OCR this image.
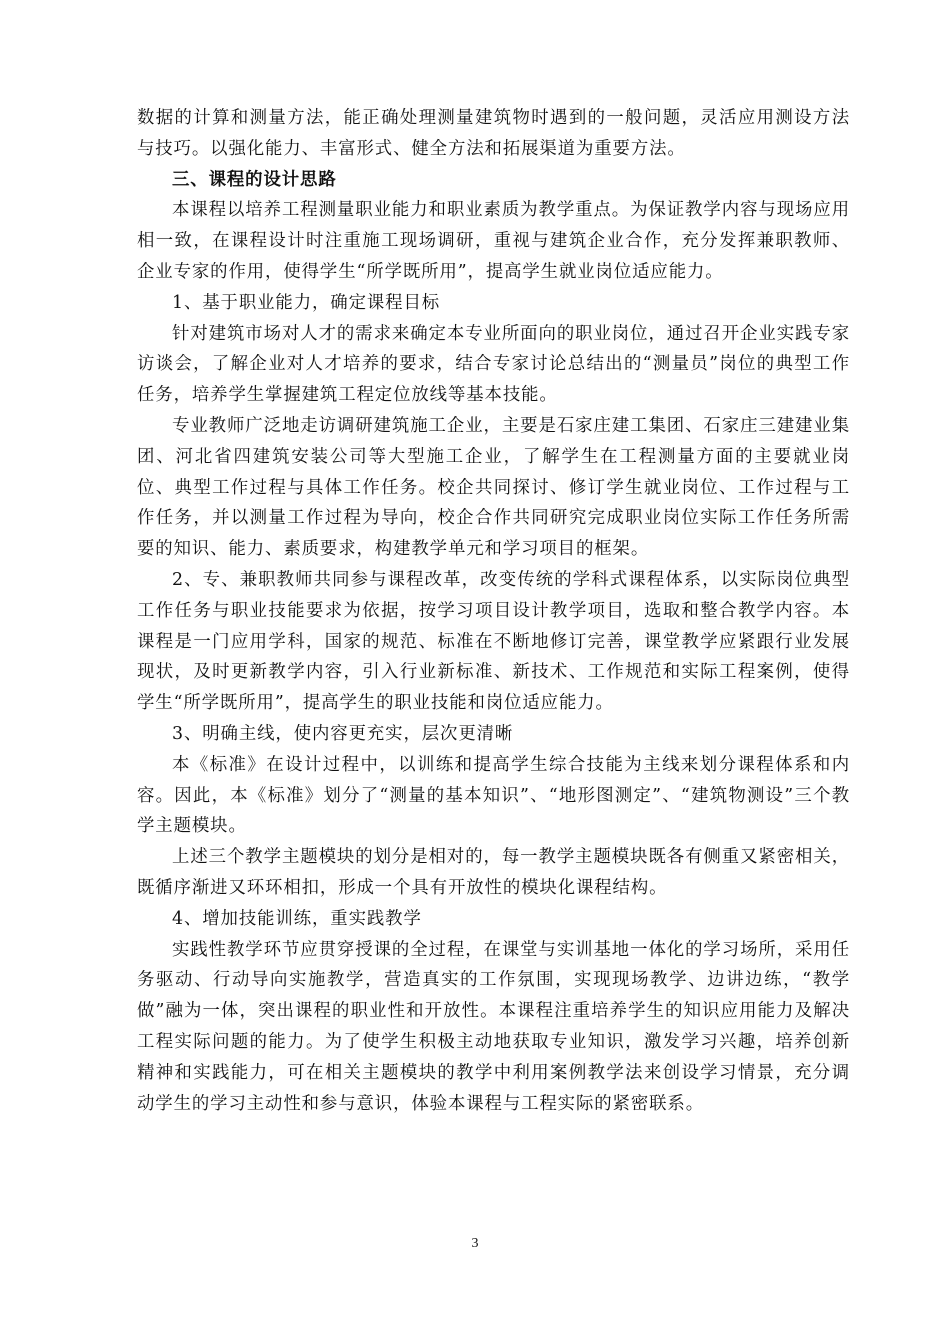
数据的计算和测量方法，能正确处理测量建筑物时遇到的一般问题，灵活应用测设方法与技巧。以强化能力、丰富形式、健全方法和拓展渠道为重要方法。

三、课程的设计思路

本课程以培养工程测量职业能力和职业素质为教学重点。为保证教学内容与现场应用相一致，在课程设计时注重施工现场调研，重视与建筑企业合作，充分发挥兼职教师、企业专家的作用，使得学生“所学既所用”，提高学生就业岗位适应能力。

1、基于职业能力，确定课程目标

针对建筑市场对人才的需求来确定本专业所面向的职业岗位，通过召开企业实践专家访谈会，了解企业对人才培养的要求，结合专家讨论总结出的“测量员”岗位的典型工作任务，培养学生掌握建筑工程定位放线等基本技能。

专业教师广泛地走访调研建筑施工企业，主要是石家庄建工集团、石家庄三建建业集团、河北省四建筑安装公司等大型施工企业，了解学生在工程测量方面的主要就业岗位、典型工作过程与具体工作任务。校企共同探讨、修订学生就业岗位、工作过程与工作任务，并以测量工作过程为导向，校企合作共同研究完成职业岗位实际工作任务所需要的知识、能力、素质要求，构建教学单元和学习项目的框架。

2、专、兼职教师共同参与课程改革，改变传统的学科式课程体系，以实际岗位典型工作任务与职业技能要求为依据，按学习项目设计教学项目，选取和整合教学内容。本课程是一门应用学科，国家的规范、标准在不断地修订完善，课堂教学应紧跟行业发展现状，及时更新教学内容，引入行业新标准、新技术、工作规范和实际工程案例，使得学生“所学既所用”，提高学生的职业技能和岗位适应能力。

3、明确主线，使内容更充实，层次更清晰

本《标准》在设计过程中，以训练和提高学生综合技能为主线来划分课程体系和内容。因此，本《标准》划分了“测量的基本知识”、“地形图测定”、“建筑物测设”三个教学主题模块。

上述三个教学主题模块的划分是相对的，每一教学主题模块既各有侧重又紧密相关，既循序渐进又环环相扣，形成一个具有开放性的模块化课程结构。

4、增加技能训练，重实践教学

实践性教学环节应贯穿授课的全过程，在课堂与实训基地一体化的学习场所，采用任务驱动、行动导向实施教学，营造真实的工作氛围，实现现场教学、边讲边练，“教学做”融为一体，突出课程的职业性和开放性。本课程注重培养学生的知识应用能力及解决工程实际问题的能力。为了使学生积极主动地获取专业知识，激发学习兴趣，培养创新精神和实践能力，可在相关主题模块的教学中利用案例教学法来创设学习情景，充分调动学生的学习主动性和参与意识，体验本课程与工程实际的紧密联系。

3
